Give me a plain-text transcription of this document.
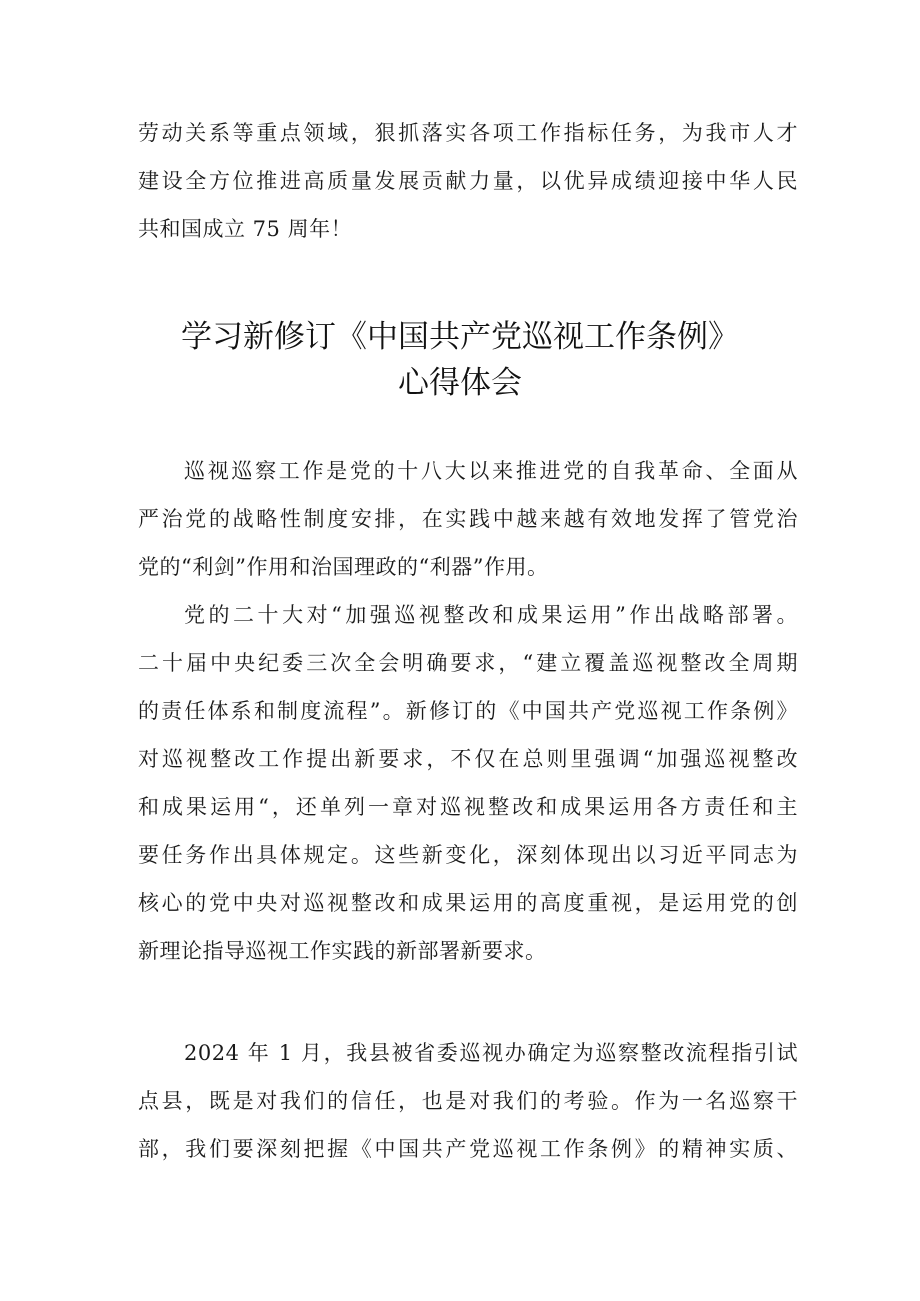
劳动关系等重点领域，狠抓落实各项工作指标任务，为我市人才
建设全方位推进高质量发展贡献力量，以优异成绩迎接中华人民
共和国成立 75 周年！
学习新修订《中国共产党巡视工作条例》
心得体会
巡视巡察工作是党的十八大以来推进党的自我革命、全面从
严治党的战略性制度安排，在实践中越来越有效地发挥了管党治
党的“利剑”作用和治国理政的“利器”作用。
党的二十大对“加强巡视整改和成果运用”作出战略部署。
二十届中央纪委三次全会明确要求，“建立覆盖巡视整改全周期
的责任体系和制度流程”。新修订的《中国共产党巡视工作条例》
对巡视整改工作提出新要求，不仅在总则里强调“加强巡视整改
和成果运用“，还单列一章对巡视整改和成果运用各方责任和主
要任务作出具体规定。这些新变化，深刻体现出以习近平同志为
核心的党中央对巡视整改和成果运用的高度重视，是运用党的创
新理论指导巡视工作实践的新部署新要求。
2024 年 1 月，我县被省委巡视办确定为巡察整改流程指引试
点县，既是对我们的信任，也是对我们的考验。作为一名巡察干
部，我们要深刻把握《中国共产党巡视工作条例》的精神实质、
